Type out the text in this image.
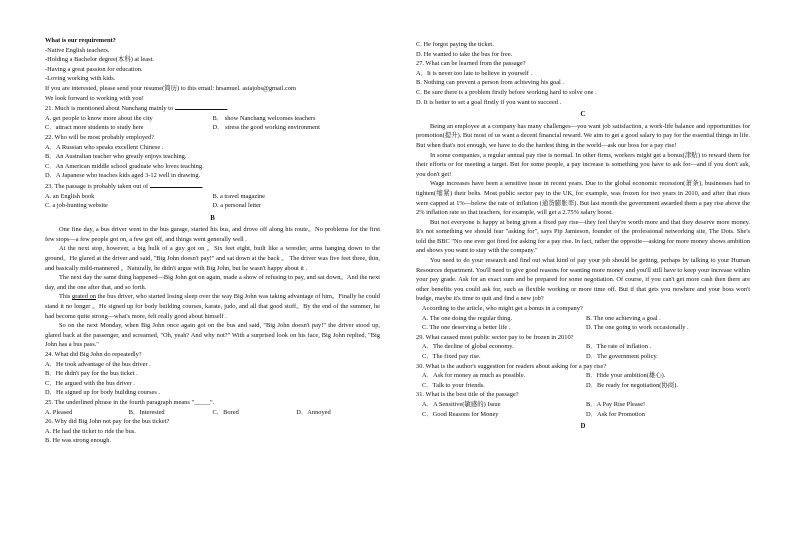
What is our requirement?
-Native English teachers.
-Holding a Bachelor degree(本科) at least.
-Having a great passion for education.
-Loving working with kids.
If you are interested, please send your resume(简历) to this email: hrsamuel. asiajobs@gmail.com
We look forward to working with you!
21. Much is mentioned about Nanchang mainly to	.
A. get people to know more about the city	B． show Nanchang welcomes teachers
C．attract more students to study here	D． stress the good working environment
22. Who will be most probably employed?
A．A Russian who speaks excellent Chinese .
B．An Australian teacher who greatly enjoys teaching.
C．An American middle school graduate who loves teaching.
D．A Japanese who teaches kids aged 3-12 well in drawing.
23. The passage is probably taken out of	.
A. an English book	B. a travel magazine
C. a job-hunting website	D. a personal letter
B

One fine day, a bus driver went to the bus garage, started his bus, and drove off along his route。No problems for the first few stops—a few people got on, a few got off, and things went generally well .

At the next stop, however, a big hulk of a guy got on 。Six feet eight, built like a wrestler, arms hanging down to the ground。He glared at the driver and said, "Big John doesn't pay!" and sat down at the back 。 The driver was five feet three, thin, and basically mild-mannered 。Naturally, he didn't argue with Big John, but he wasn't happy about it .

The next day the same thing happened—Big John got on again, made a show of refusing to pay, and sat down。And the next day, and the one after that, and so forth.

This grated on the bus driver, who started losing sleep over the way Big John was taking advantage of him。Finally he could stand it no longer 。He signed up for body building courses, karate, judo, and all that good stuff。By the end of the summer, he had become quite strong—what's more, felt really good about himself .

So on the next Monday, when Big John once again got on the bus and said, "Big John doesn't pay!" the driver stood up, glared back at the passenger, and screamed, "Oh, yeah? And why not?" With a surprised look on his face, Big John replied, "Big John has a bus pass."

24. What did Big John do repeatedly?
A．He took advantage of the bus driver .
B．He didn't pay for the bus ticket .
C．He argued with the bus driver .
D．He signed up for body building courses .
25. The underlined phrase in the fourth paragraph means "_____".
A. Pleased	B．Interested	C．Bored	D．Annoyed
26. Why did Big John not pay for the bus ticket?
A. He had the ticket to ride the bus.
B. He was strong enough.
C. He forgot paying the ticket.
D. He wanted to take the bus for free.
27. What can be learned from the passage?
A．It is never too late to believe in yourself .
B. Nothing can prevent a person from achieving his goal .
C. Be sure there is a problem firstly before working hard to solve one .
D. It is better to set a goal firstly if you want to succeed .
C

Being an employee at a company has many challenges—you want job satisfaction, a work-life balance and opportunities for promotion(提升). But most of us want a decent financial reward. We aim to get a good salary to pay for the essential things in life. But when that's not enough, we have to do the hardest thing in the world—ask our boss for a pay rise!

In some companies, a regular annual pay rise is normal. In other firms, workers might get a bonus(津贴) to reward them for their efforts or for meeting a target. But for some people, a pay increase is something you have to ask for—and if you don't ask, you don't get!

Wage increases have been a sensitive issue in recent years. Due to the global economic recession(萧条), businesses had to tighten(缩紧) their belts. Most public sector pay in the UK, for example, was frozen for two years in 2010, and after that rises were capped at 1%—below the rate of inflation (通货膨胀率). But last month the government awarded them a pay rise above the 2% inflation rate so that teachers, for example, will get a 2.75% salary boost.

But not everyone is happy at being given a fixed pay rise—they feel they're worth more and that they deserve more money. It's not something we should fear "asking for", says Pip Jamieson, founder of the professional networking site, The Dots. She's told the BBC "No one ever got fired for asking for a pay rise. In fact, rather the opposite—asking for more money shows ambition and shows you want to stay with the company."

You need to do your research and find out what kind of pay your job should be getting, perhaps by talking to your Human Resources department. You'll need to give good reasons for wanting more money and you'll still have to keep your increase within your pay grade. Ask for an exact sum and be prepared for some negotiation. Of course, if you can't get more cash then there are other benefits you could ask for, such as flexible working or more time off. But if that gets you nowhere and your boss won't budge, maybe it's time to quit and find a new job?

According to the article, who might get a bonus in a company?
A. The one doing the regular thing.	B. The one achieving a goal .
C. The one deserving a better life .	D. The one going to work occasionally .
29. What caused most public sector pay to be frozen in 2010?
A．The decline of global economy.	B．The rate of inflation .
C．The fixed pay rise.	D．The government policy.
30. What is the author's suggestion for readers about asking for a pay rise?
A．Ask for money as much as possible.	B．Hide your ambition(雄心).
C．Talk to your friends.	D．Be ready for negotiation(协商).
31. What is the best title of the passage?
A．A Sensitive(敏感的) Issue	B．A Pay Rise Please!
C．Good Reasons for Money	D．Ask for Promotion
D
